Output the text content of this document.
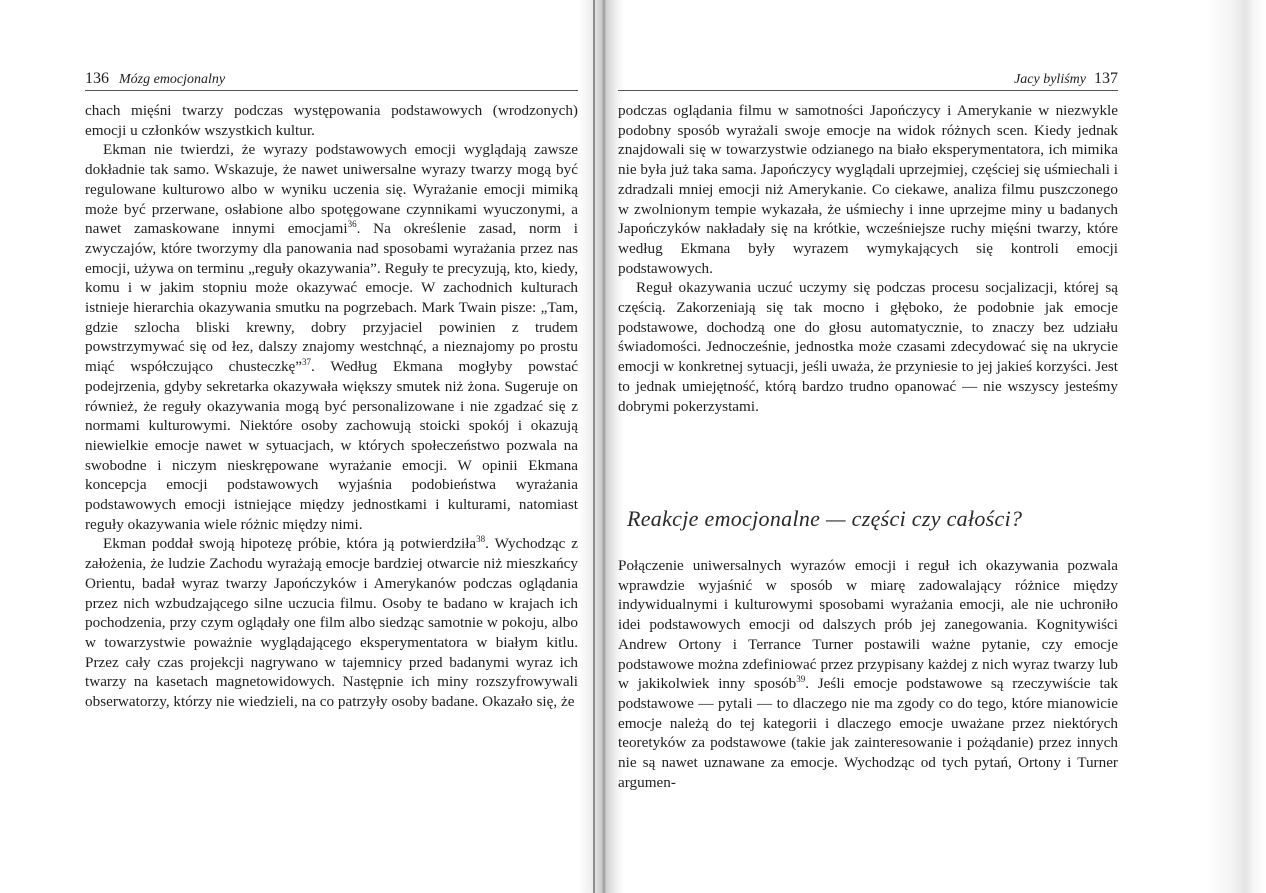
136 Mózg emocjonalny

chach mięśni twarzy podczas występowania podstawowych (wrodzonych) emocji u członków wszystkich kultur.

Ekman nie twierdzi, że wyrazy podstawowych emocji wyglądają zawsze dokładnie tak samo. Wskazuje, że nawet uniwersalne wyrazy twarzy mogą być regulowane kulturowo albo w wyniku uczenia się. Wyrażanie emocji mimiką może być przerwane, osłabione albo spotęgowane czynnikami wyuczonymi, a nawet zamaskowane innymi emocjami$^{36}$. Na określenie zasad, norm i zwyczajów, które tworzymy dla panowania nad sposobami wyrażania przez nas emocji, używa on terminu „reguły okazywania”. Reguły te precyzują, kto, kiedy, komu i w jakim stopniu może okazywać emocje. W zachodnich kulturach istnieje hierarchia okazywania smutku na pogrzebach. Mark Twain pisze: „Tam, gdzie szlocha bliski krewny, dobry przyjaciel powinien z trudem powstrzymywać się od łez, dalszy znajomy westchnąć, a nieznajomy po prostu miąć współczująco chusteczkę”$^{37}$. Według Ekmana mogłyby powstać podejrzenia, gdyby sekretarka okazywała większy smutek niż żona. Sugeruje on również, że reguły okazywania mogą być personalizowane i nie zgadzać się z normami kulturowymi. Niektóre osoby zachowują stoicki spokój i okazują niewielkie emocje nawet w sytuacjach, w których społeczeństwo pozwala na swobodne i niczym nieskrępowane wyrażanie emocji. W opinii Ekmana koncepcja emocji podstawowych wyjaśnia podobieństwa wyrażania podstawowych emocji istniejące między jednostkami i kulturami, natomiast reguły okazywania wiele różnic między nimi.

Ekman poddał swoją hipotezę próbie, która ją potwierdziła$^{38}$. Wychodząc z założenia, że ludzie Zachodu wyrażają emocje bardziej otwarcie niż mieszkańcy Orientu, badał wyraz twarzy Japończyków i Amerykanów podczas oglądania przez nich wzbudzającego silne uczucia filmu. Osoby te badano w krajach ich pochodzenia, przy czym oglądały one film albo siedząc samotnie w pokoju, albo w towarzystwie poważnie wyglądającego eksperymentatora w białym kitlu. Przez cały czas projekcji nagrywano w tajemnicy przed badanymi wyraz ich twarzy na kasetach magnetowidowych. Następnie ich miny rozszyfrowywali obserwatorzy, którzy nie wiedzieli, na co patrzyły osoby badane. Okazało się, że

Jacy byliśmy 137

podczas oglądania filmu w samotności Japończycy i Amerykanie w niezwykle podobny sposób wyrażali swoje emocje na widok różnych scen. Kiedy jednak znajdowali się w towarzystwie odzianego na biało eksperymentatora, ich mimika nie była już taka sama. Japończycy wyglądali uprzejmiej, częściej się uśmiechali i zdradzali mniej emocji niż Amerykanie. Co ciekawe, analiza filmu puszczonego w zwolnionym tempie wykazała, że uśmiechy i inne uprzejme miny u badanych Japończyków nakładały się na krótkie, wcześniejsze ruchy mięśni twarzy, które według Ekmana były wyrazem wymykających się kontroli emocji podstawowych.

Reguł okazywania uczuć uczymy się podczas procesu socjalizacji, której są częścią. Zakorzeniają się tak mocno i głęboko, że podobnie jak emocje podstawowe, dochodzą one do głosu automatycznie, to znaczy bez udziału świadomości. Jednocześnie, jednostka może czasami zdecydować się na ukrycie emocji w konkretnej sytuacji, jeśli uważa, że przyniesie to jej jakieś korzyści. Jest to jednak umiejętność, którą bardzo trudno opanować — nie wszyscy jesteśmy dobrymi pokerzystami.

Reakcje emocjonalne — części czy całości?

Połączenie uniwersalnych wyrazów emocji i reguł ich okazywania pozwala wprawdzie wyjaśnić w sposób w miarę zadowalający różnice między indywidualnymi i kulturowymi sposobami wyrażania emocji, ale nie uchroniło idei podstawowych emocji od dalszych prób jej zanegowania. Kognitywiści Andrew Ortony i Terrance Turner postawili ważne pytanie, czy emocje podstawowe można zdefiniować przez przypisany każdej z nich wyraz twarzy lub w jakikolwiek inny sposób$^{39}$. Jeśli emocje podstawowe są rzeczywiście tak podstawowe — pytali — to dlaczego nie ma zgody co do tego, które mianowicie emocje należą do tej kategorii i dlaczego emocje uważane przez niektórych teoretyków za podstawowe (takie jak zainteresowanie i pożądanie) przez innych nie są nawet uznawane za emocje. Wychodząc od tych pytań, Ortony i Turner argumen-
